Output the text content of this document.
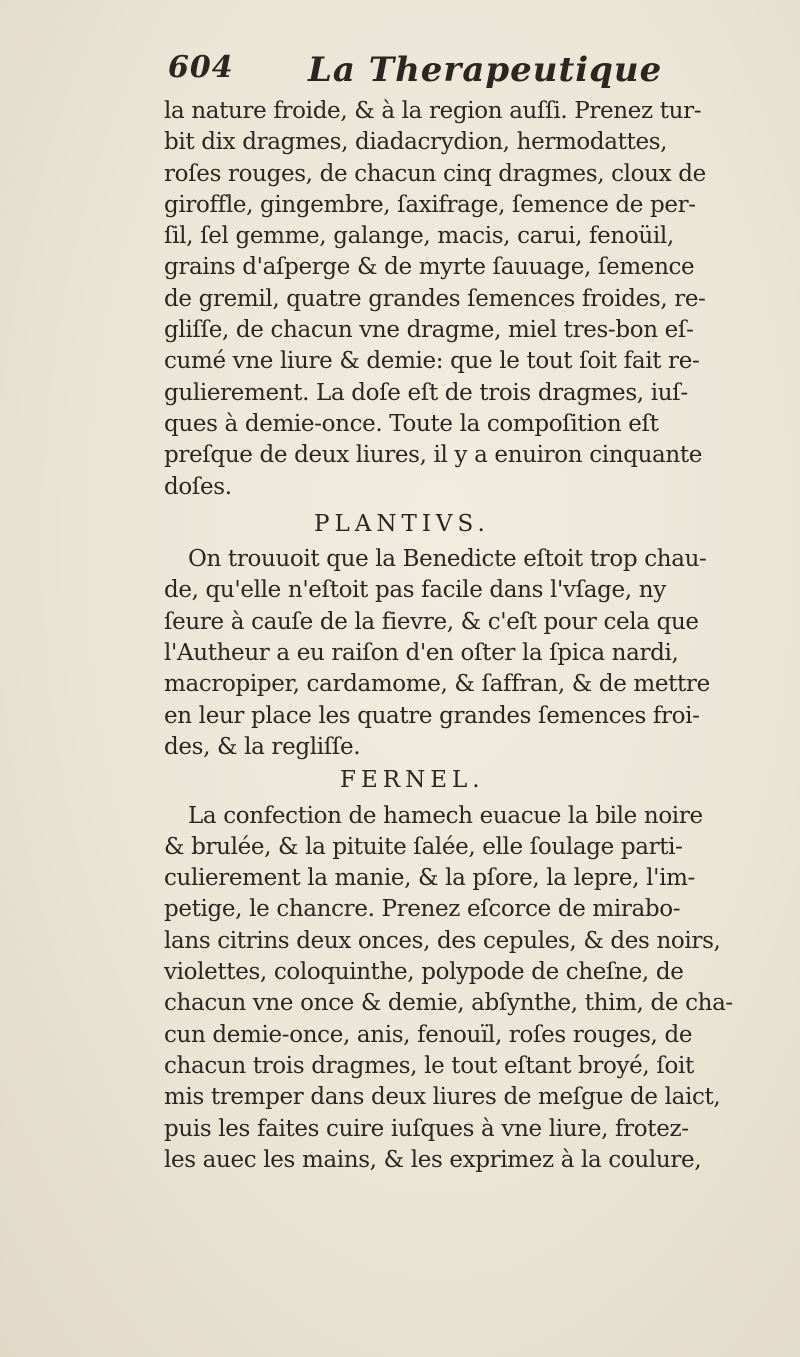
604 La Therapeutique
la nature froide, & à la region auſſi. Prenez tur-
bit dix dragmes, diadacrydion, hermodattes,
roſes rouges, de chacun cinq dragmes, cloux de
giroffle, gingembre, ſaxifrage, ſemence de per-
ſil, ſel gemme, galange, macis, carui, fenoüil,
grains d'aſperge & de myrte ſauuage, ſemence
de gremil, quatre grandes ſemences froides, re-
gliſſe, de chacun vne dragme, miel tres-bon eſ-
cumé vne liure & demie: que le tout ſoit fait re-
gulierement. La doſe eſt de trois dragmes, iuſ-
ques à demie-once. Toute la compoſition eſt
preſque de deux liures, il y a enuiron cinquante
doſes.
PLANTIVS.
On trouuoit que la Benedicte eſtoit trop chau-
de, qu'elle n'eſtoit pas facile dans l'vſage, ny
ſeure à cauſe de la fievre, & c'eſt pour cela que
l'Autheur a eu raiſon d'en oſter la ſpica nardi,
macropiper, cardamome, & ſaffran, & de mettre
en leur place les quatre grandes ſemences froi-
des, & la regliſſe.
FERNEL.
La confection de hamech euacue la bile noire
& brulée, & la pituite ſalée, elle ſoulage parti-
culierement la manie, & la pſore, la lepre, l'im-
petige, le chancre. Prenez eſcorce de mirabo-
lans citrins deux onces, des cepules, & des noirs,
violettes, coloquinthe, polypode de cheſne, de
chacun vne once & demie, abſynthe, thim, de cha-
cun demie-once, anis, fenouïl, roſes rouges, de
chacun trois dragmes, le tout eſtant broyé, ſoit
mis tremper dans deux liures de meſgue de laict,
puis les faites cuire iuſques à vne liure, frotez-
les auec les mains, & les exprimez à la coulure,
